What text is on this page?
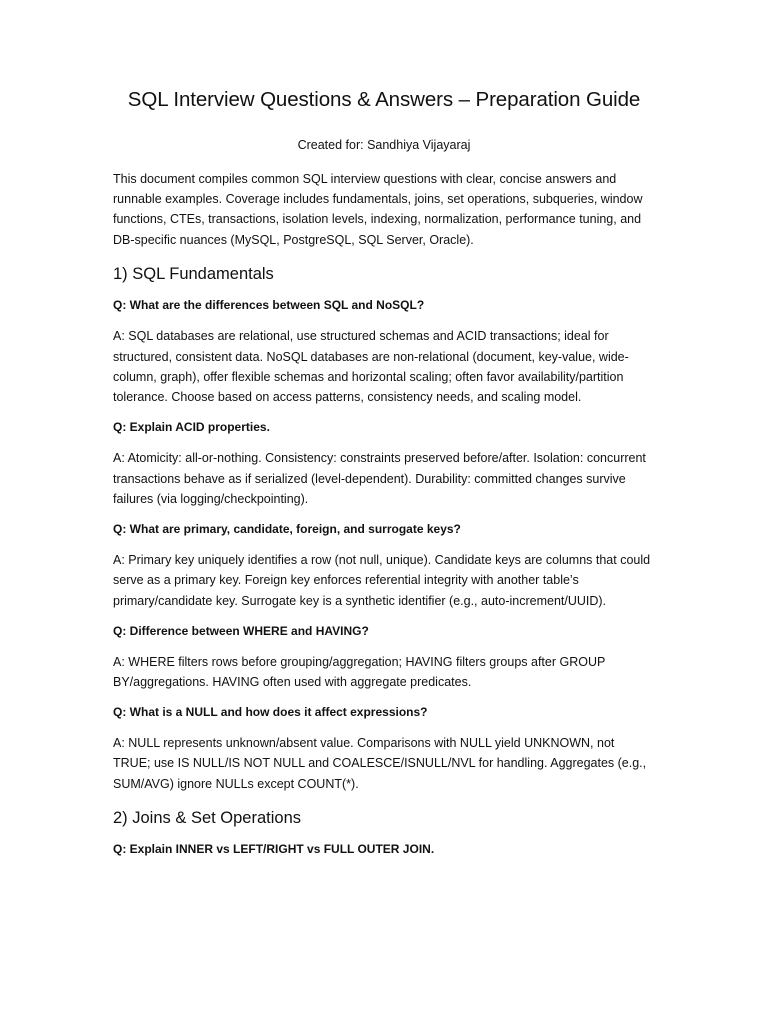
SQL Interview Questions & Answers – Preparation Guide

Created for: Sandhiya Vijayaraj

This document compiles common SQL interview questions with clear, concise answers and runnable examples. Coverage includes fundamentals, joins, set operations, subqueries, window functions, CTEs, transactions, isolation levels, indexing, normalization, performance tuning, and DB-specific nuances (MySQL, PostgreSQL, SQL Server, Oracle).

1) SQL Fundamentals

Q: What are the differences between SQL and NoSQL?

A: SQL databases are relational, use structured schemas and ACID transactions; ideal for structured, consistent data. NoSQL databases are non-relational (document, key-value, wide-column, graph), offer flexible schemas and horizontal scaling; often favor availability/partition tolerance. Choose based on access patterns, consistency needs, and scaling model.

Q: Explain ACID properties.

A: Atomicity: all-or-nothing. Consistency: constraints preserved before/after. Isolation: concurrent transactions behave as if serialized (level-dependent). Durability: committed changes survive failures (via logging/checkpointing).

Q: What are primary, candidate, foreign, and surrogate keys?

A: Primary key uniquely identifies a row (not null, unique). Candidate keys are columns that could serve as a primary key. Foreign key enforces referential integrity with another table’s primary/candidate key. Surrogate key is a synthetic identifier (e.g., auto-increment/UUID).

Q: Difference between WHERE and HAVING?

A: WHERE filters rows before grouping/aggregation; HAVING filters groups after GROUP BY/aggregations. HAVING often used with aggregate predicates.

Q: What is a NULL and how does it affect expressions?

A: NULL represents unknown/absent value. Comparisons with NULL yield UNKNOWN, not TRUE; use IS NULL/IS NOT NULL and COALESCE/ISNULL/NVL for handling. Aggregates (e.g., SUM/AVG) ignore NULLs except COUNT(*).

2) Joins & Set Operations

Q: Explain INNER vs LEFT/RIGHT vs FULL OUTER JOIN.
